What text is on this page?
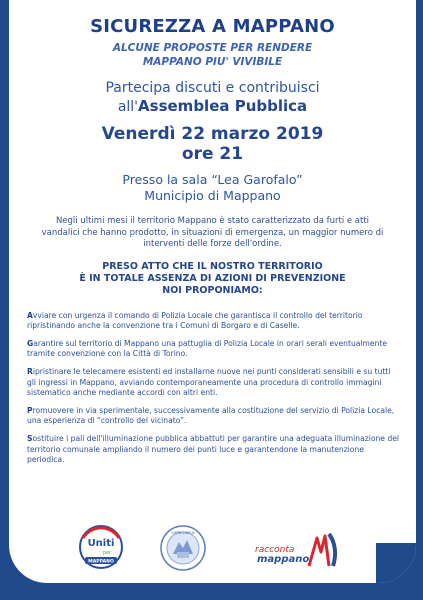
SICUREZZA A MAPPANO
ALCUNE PROPOSTE PER RENDERE
MAPPANO PIU' VIVIBILE
Partecipa discuti e contribuisci
all'Assemblea Pubblica
Venerdì 22 marzo 2019
ore 21
Presso la sala “Lea Garofalo”
Municipio di Mappano
Negli ultimi mesi il territorio Mappano è stato caratterizzato da furti e atti vandalici che hanno prodotto, in situazioni di emergenza, un maggior numero di interventi delle forze dell'ordine.
PRESO ATTO CHE IL NOSTRO TERRITORIO
È IN TOTALE ASSENZA DI AZIONI DI PREVENZIONE
NOI PROPONIAMO:
Avviare con urgenza il comando di Polizia Locale che garantisca il controllo del territorio ripristinando anche la convenzione tra i Comuni di Borgaro e di Caselle.
Garantire sul territorio di Mappano una pattuglia di Polizia Locale in orari serali eventualmente tramite convenzione con la Città di Torino.
Ripristinare le telecamere esistenti ed installarne nuove nei punti considerati sensibili e su tutti gli ingressi in Mappano, avviando contemporaneamente una procedura di controllo immagini sistematico anche mediante accordi con altri enti.
Promuovere in via sperimentale, successivamente alla costituzione del servizio di Polizia Locale, una esperienza di “controllo del vicinato”.
Sostituire i pali dell'illuminazione pubblica abbattuti per garantire una adeguata illuminazione del territorio comunale ampliando il numero dei punti luce e garantendone la manutenzione periodica.
Uniti
per
MAPPANO
LISTA CIVICA
racconta
mappano
